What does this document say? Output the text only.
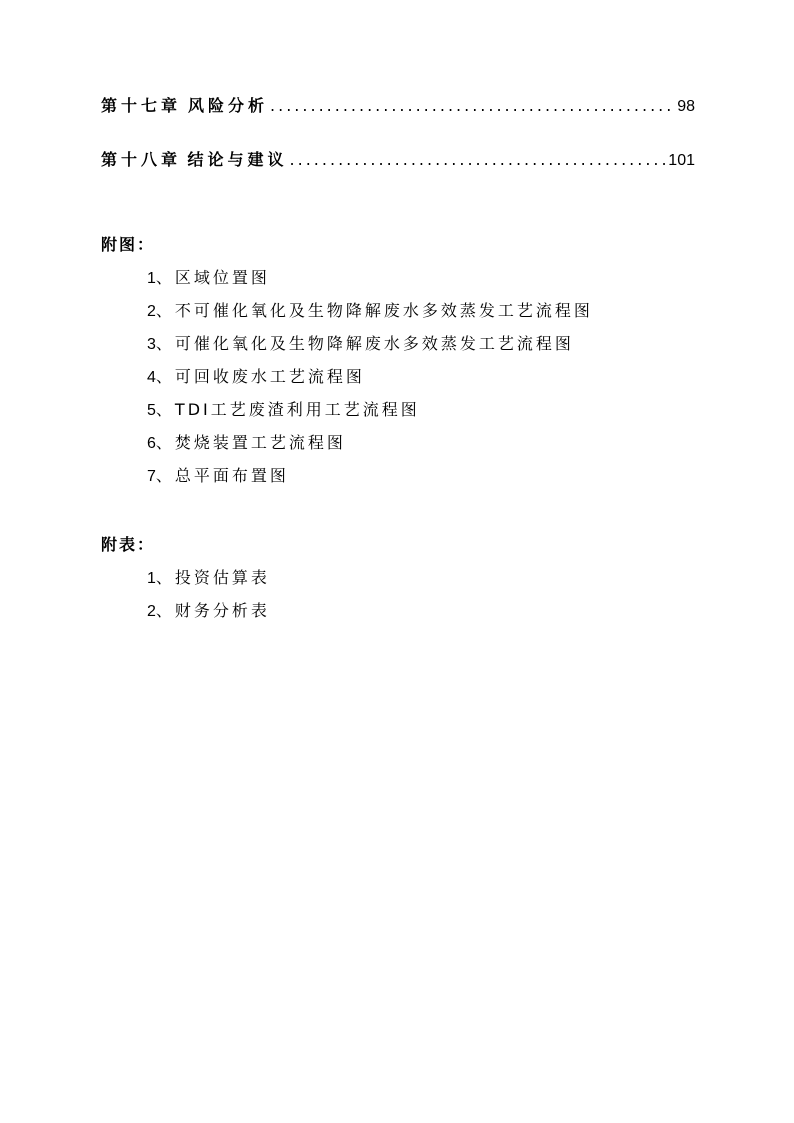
第十七章 风险分析 .....	98
第十八章 结论与建议 .....	101
附图：
1、区域位置图
2、不可催化氧化及生物降解废水多效蒸发工艺流程图
3、可催化氧化及生物降解废水多效蒸发工艺流程图
4、可回收废水工艺流程图
5、TDI工艺废渣利用工艺流程图
6、焚烧装置工艺流程图
7、总平面布置图
附表：
1、投资估算表
2、财务分析表
